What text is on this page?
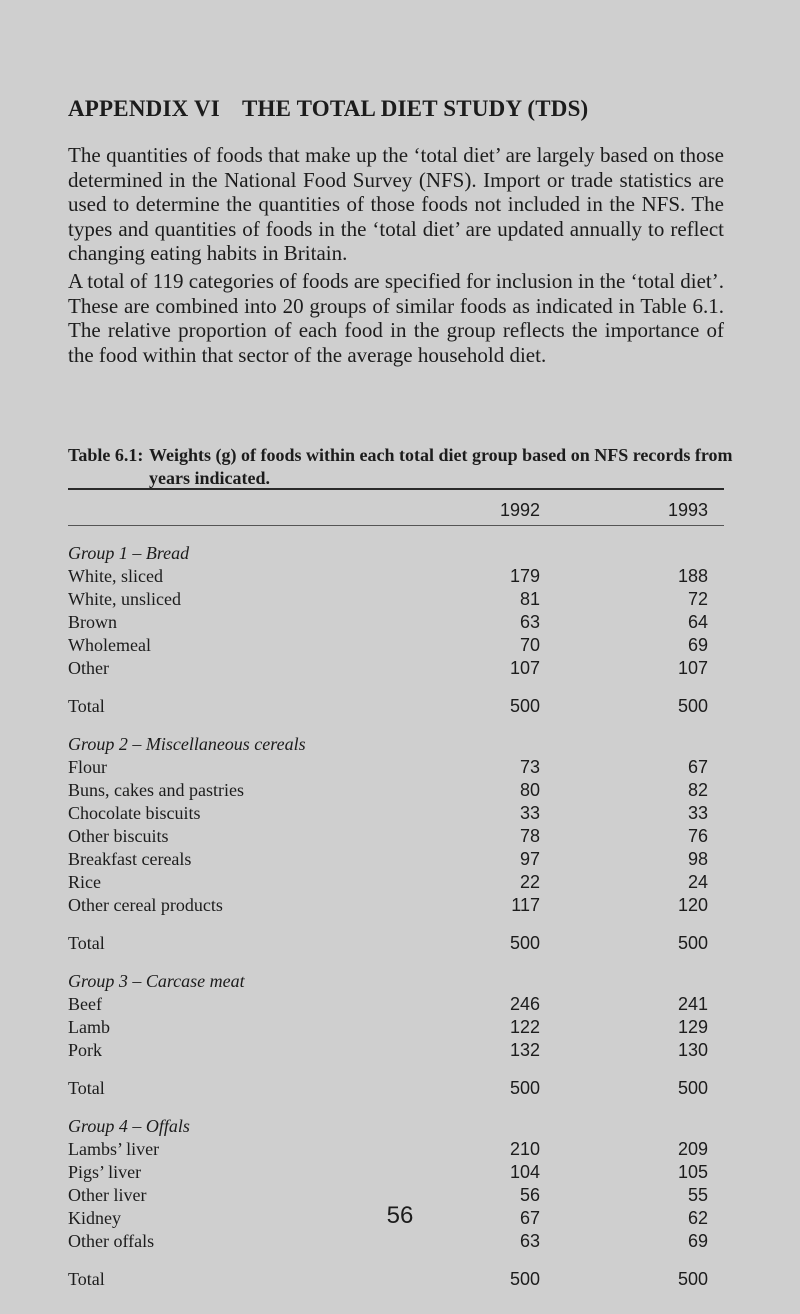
APPENDIX VI THE TOTAL DIET STUDY (TDS)

The quantities of foods that make up the ‘total diet’ are largely based on those determined in the National Food Survey (NFS). Import or trade statistics are used to determine the quantities of those foods not included in the NFS. The types and quantities of foods in the ‘total diet’ are updated annually to reflect changing eating habits in Britain.

A total of 119 categories of foods are specified for inclusion in the ‘total diet’. These are combined into 20 groups of similar foods as indicated in Table 6.1. The relative proportion of each food in the group reflects the importance of the food within that sector of the average household diet.

Table 6.1: Weights (g) of foods within each total diet group based on NFS records from years indicated.
1992	1993
Group 1 – Bread
White, sliced	179	188
White, unsliced	81	72
Brown	63	64
Wholemeal	70	69
Other	107	107
Total	500	500
Group 2 – Miscellaneous cereals
Flour	73	67
Buns, cakes and pastries	80	82
Chocolate biscuits	33	33
Other biscuits	78	76
Breakfast cereals	97	98
Rice	22	24
Other cereal products	117	120
Total	500	500
Group 3 – Carcase meat
Beef	246	241
Lamb	122	129
Pork	132	130
Total	500	500
Group 4 – Offals
Lambs’ liver	210	209
Pigs’ liver	104	105
Other liver	56	55
Kidney	67	62
Other offals	63	69
Total	500	500
56
